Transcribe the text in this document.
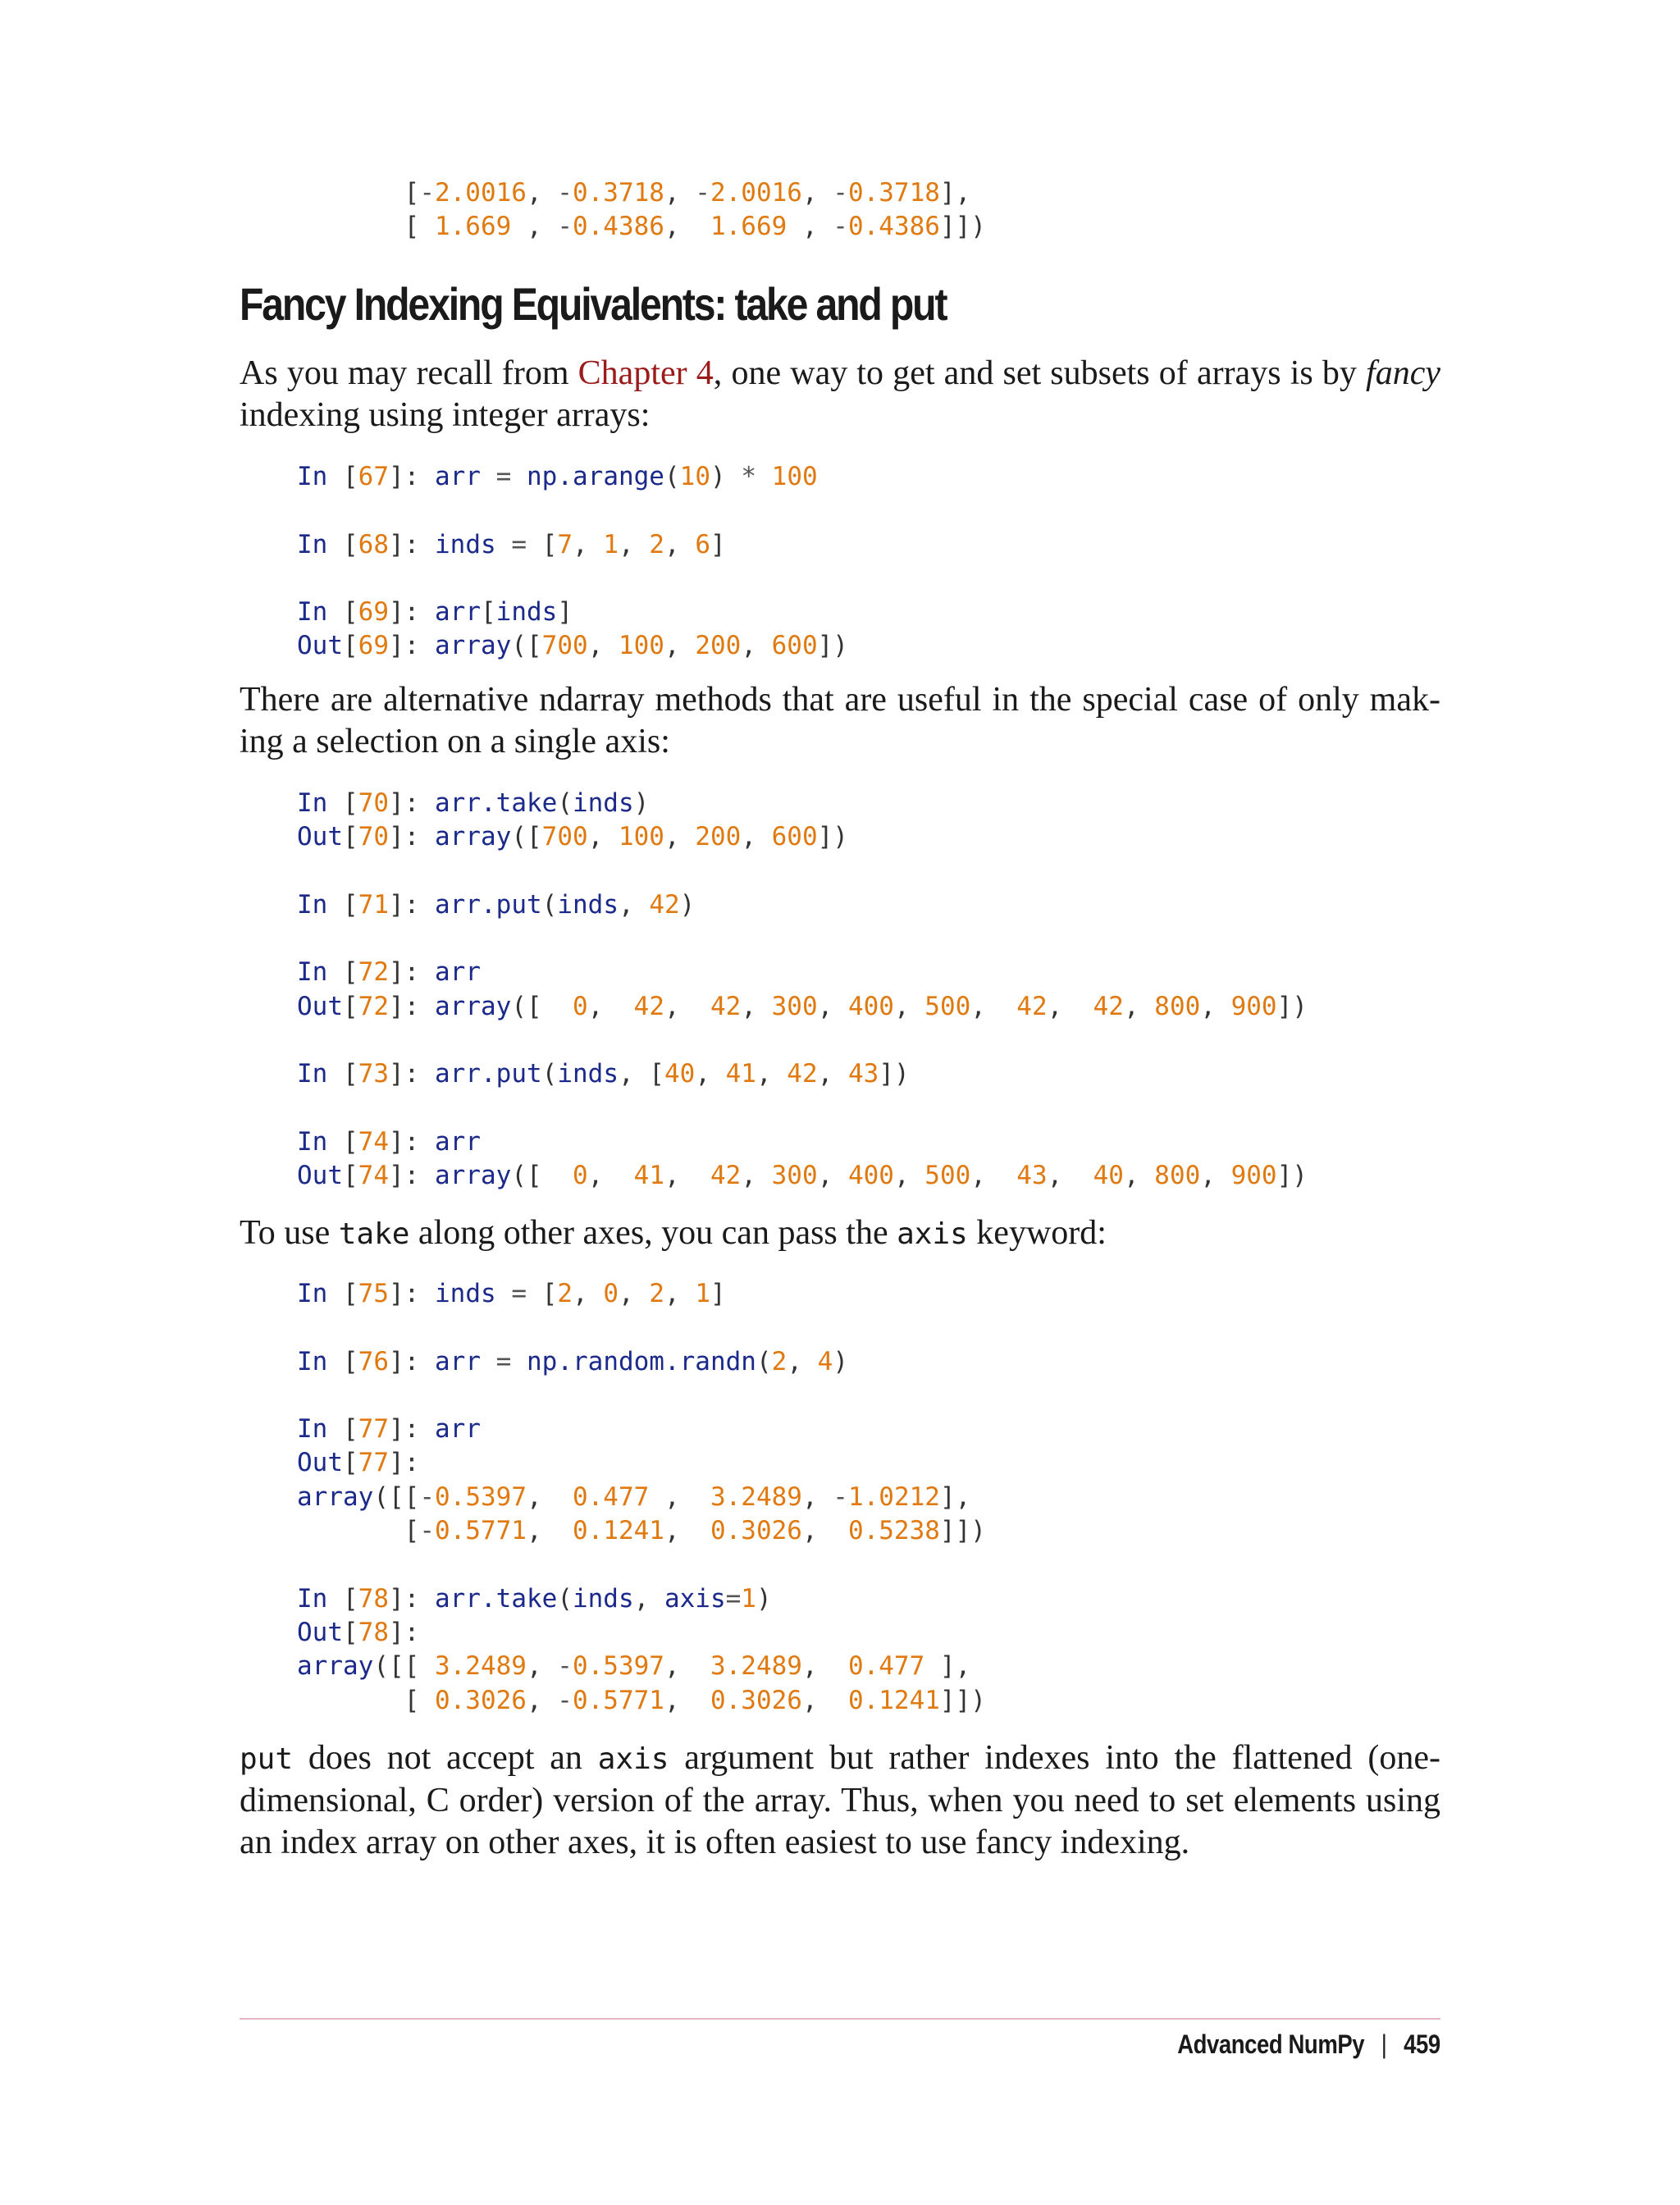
[-2.0016, -0.3718, -2.0016, -0.3718],
[ 1.669 , -0.4386,  1.669 , -0.4386]])
Fancy Indexing Equivalents: take and put

As you may recall from Chapter 4, one way to get and set subsets of arrays is by fancy indexing using integer arrays:

In [67]: arr = np.arange(10) * 100

In [68]: inds = [7, 1, 2, 6]

In [69]: arr[inds]
Out[69]: array([700, 100, 200, 600])

There are alternative ndarray methods that are useful in the special case of only making a selection on a single axis:

In [70]: arr.take(inds)
Out[70]: array([700, 100, 200, 600])

In [71]: arr.put(inds, 42)

In [72]: arr
Out[72]: array([  0,  42,  42, 300, 400, 500,  42,  42, 800, 900])

In [73]: arr.put(inds, [40, 41, 42, 43])

In [74]: arr
Out[74]: array([  0,  41,  42, 300, 400, 500,  43,  40, 800, 900])

To use take along other axes, you can pass the axis keyword:

In [75]: inds = [2, 0, 2, 1]

In [76]: arr = np.random.randn(2, 4)

In [77]: arr
Out[77]:
array([[-0.5397,  0.477 ,  3.2489, -1.0212],
[-0.5771,  0.1241,  0.3026,  0.5238]])

In [78]: arr.take(inds, axis=1)
Out[78]:
array([[ 3.2489, -0.5397,  3.2489,  0.477 ],
[ 0.3026, -0.5771,  0.3026,  0.1241]])

put does not accept an axis argument but rather indexes into the flattened (one-dimensional, C order) version of the array. Thus, when you need to set elements using an index array on other axes, it is often easiest to use fancy indexing.

Advanced NumPy | 459
